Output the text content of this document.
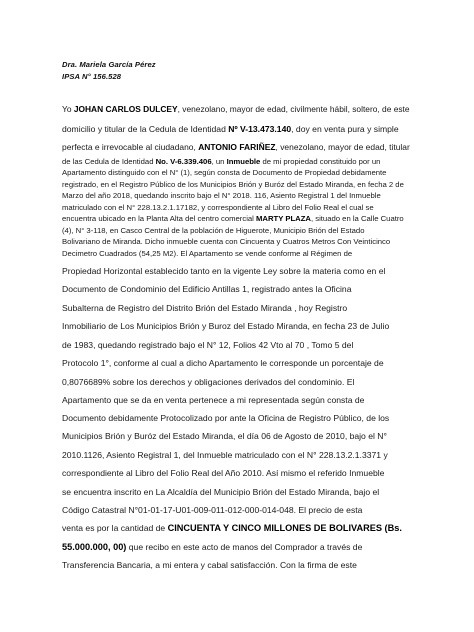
Dra. Mariela García Pérez
IPSA N° 156.528
Yo JOHAN CARLOS DULCEY, venezolano, mayor de edad, civilmente hábil, soltero, de este
domicilio y titular de la Cedula de Identidad Nº V-13.473.140, doy en venta pura y simple
perfecta e irrevocable al ciudadano, ANTONIO FARIÑEZ, venezolano, mayor de edad, titular
de las Cedula de Identidad No. V-6.339.406, un Inmueble de mi propiedad constituido por un
Apartamento distinguido con el N° (1), según consta de Documento de Propiedad debidamente
registrado, en el Registro Público de los Municipios Brión y Buróz del Estado Miranda, en fecha 2 de
Marzo del año 2018, quedando inscrito bajo el N° 2018. 116, Asiento Registral 1 del Inmueble
matriculado con el N° 228.13.2.1.17182, y correspondiente al Libro del Folio Real el cual se
encuentra ubicado en la Planta Alta del centro comercial MARTY PLAZA, situado en la Calle Cuatro
(4), N° 3-118, en Casco Central de la población de Higuerote, Municipio Brión del Estado
Bolivariano de Miranda. Dicho inmueble cuenta con Cincuenta y Cuatros Metros Con Veinticinco
Decimetro Cuadrados (54,25 M2). El Apartamento se vende conforme al Régimen de
Propiedad Horizontal establecido tanto en la vigente Ley sobre la materia como en el
Documento de Condominio del Edificio Antillas 1, registrado antes la Oficina
Subalterna de Registro del Distrito Brión del Estado Miranda , hoy Registro
Inmobiliario de Los Municipios Brión y Buroz del Estado Miranda, en fecha 23 de Julio
de 1983, quedando registrado bajo el N° 12, Folios 42 Vto al 70 , Tomo 5 del
Protocolo 1°, conforme al cual a dicho Apartamento le corresponde un porcentaje de
0,8076689% sobre los derechos y obligaciones derivados del condominio. El
Apartamento que se da en venta pertenece a mi representada según consta de
Documento debidamente Protocolizado por ante la Oficina de Registro Público, de los
Municipios Brión y Buróz del Estado Miranda, el día 06 de Agosto de 2010, bajo el N°
2010.1126, Asiento Registral 1, del Inmueble matriculado con el N° 228.13.2.1.3371 y
correspondiente al Libro del Folio Real del Año 2010. Así mismo el referido Inmueble
se encuentra inscrito en La Alcaldía del Municipio Brión del Estado Miranda, bajo el
Código Catastral N°01-01-17-U01-009-011-012-000-014-048. El precio de esta
venta es por la cantidad de CINCUENTA Y CINCO MILLONES DE BOLIVARES (Bs.
55.000.000, 00) que recibo en este acto de manos del Comprador a través de
Transferencia Bancaria, a mi entera y cabal satisfacción. Con la firma de este
